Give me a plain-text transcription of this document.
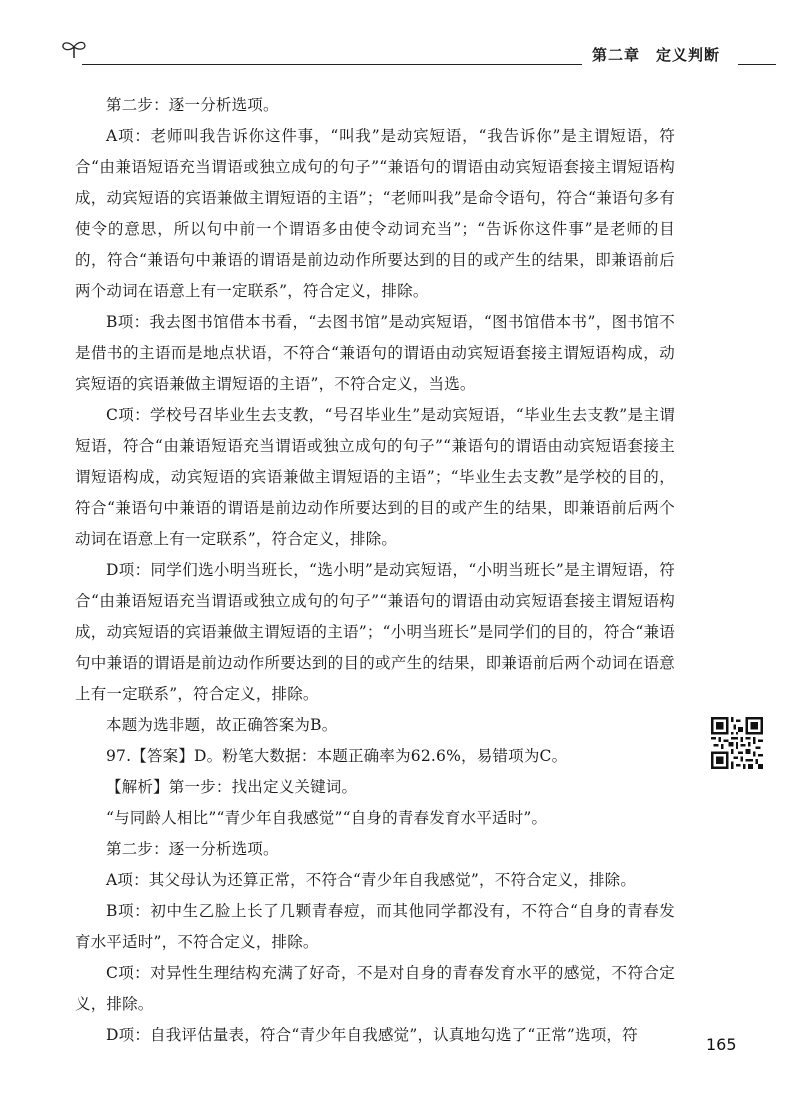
第二章　定义判断

第二步：逐一分析选项。

A项：老师叫我告诉你这件事，“叫我”是动宾短语，“我告诉你”是主谓短语，符合“由兼语短语充当谓语或独立成句的句子”“兼语句的谓语由动宾短语套接主谓短语构成，动宾短语的宾语兼做主谓短语的主语”；“老师叫我”是命令语句，符合“兼语句多有使令的意思，所以句中前一个谓语多由使令动词充当”；“告诉你这件事”是老师的目的，符合“兼语句中兼语的谓语是前边动作所要达到的目的或产生的结果，即兼语前后两个动词在语意上有一定联系”，符合定义，排除。

B项：我去图书馆借本书看，“去图书馆”是动宾短语，“图书馆借本书”，图书馆不是借书的主语而是地点状语，不符合“兼语句的谓语由动宾短语套接主谓短语构成，动宾短语的宾语兼做主谓短语的主语”，不符合定义，当选。

C项：学校号召毕业生去支教，“号召毕业生”是动宾短语，“毕业生去支教”是主谓短语，符合“由兼语短语充当谓语或独立成句的句子”“兼语句的谓语由动宾短语套接主谓短语构成，动宾短语的宾语兼做主谓短语的主语”；“毕业生去支教”是学校的目的，符合“兼语句中兼语的谓语是前边动作所要达到的目的或产生的结果，即兼语前后两个动词在语意上有一定联系”，符合定义，排除。

D项：同学们选小明当班长，“选小明”是动宾短语，“小明当班长”是主谓短语，符合“由兼语短语充当谓语或独立成句的句子”“兼语句的谓语由动宾短语套接主谓短语构成，动宾短语的宾语兼做主谓短语的主语”；“小明当班长”是同学们的目的，符合“兼语句中兼语的谓语是前边动作所要达到的目的或产生的结果，即兼语前后两个动词在语意上有一定联系”，符合定义，排除。

本题为选非题，故正确答案为B。

97.【答案】D。粉笔大数据：本题正确率为62.6%，易错项为C。

【解析】第一步：找出定义关键词。

“与同龄人相比”“青少年自我感觉”“自身的青春发育水平适时”。

第二步：逐一分析选项。

A项：其父母认为还算正常，不符合“青少年自我感觉”，不符合定义，排除。

B项：初中生乙脸上长了几颗青春痘，而其他同学都没有，不符合“自身的青春发育水平适时”，不符合定义，排除。

C项：对异性生理结构充满了好奇，不是对自身的青春发育水平的感觉，不符合定义，排除。

D项：自我评估量表，符合“青少年自我感觉”，认真地勾选了“正常”选项，符	165
